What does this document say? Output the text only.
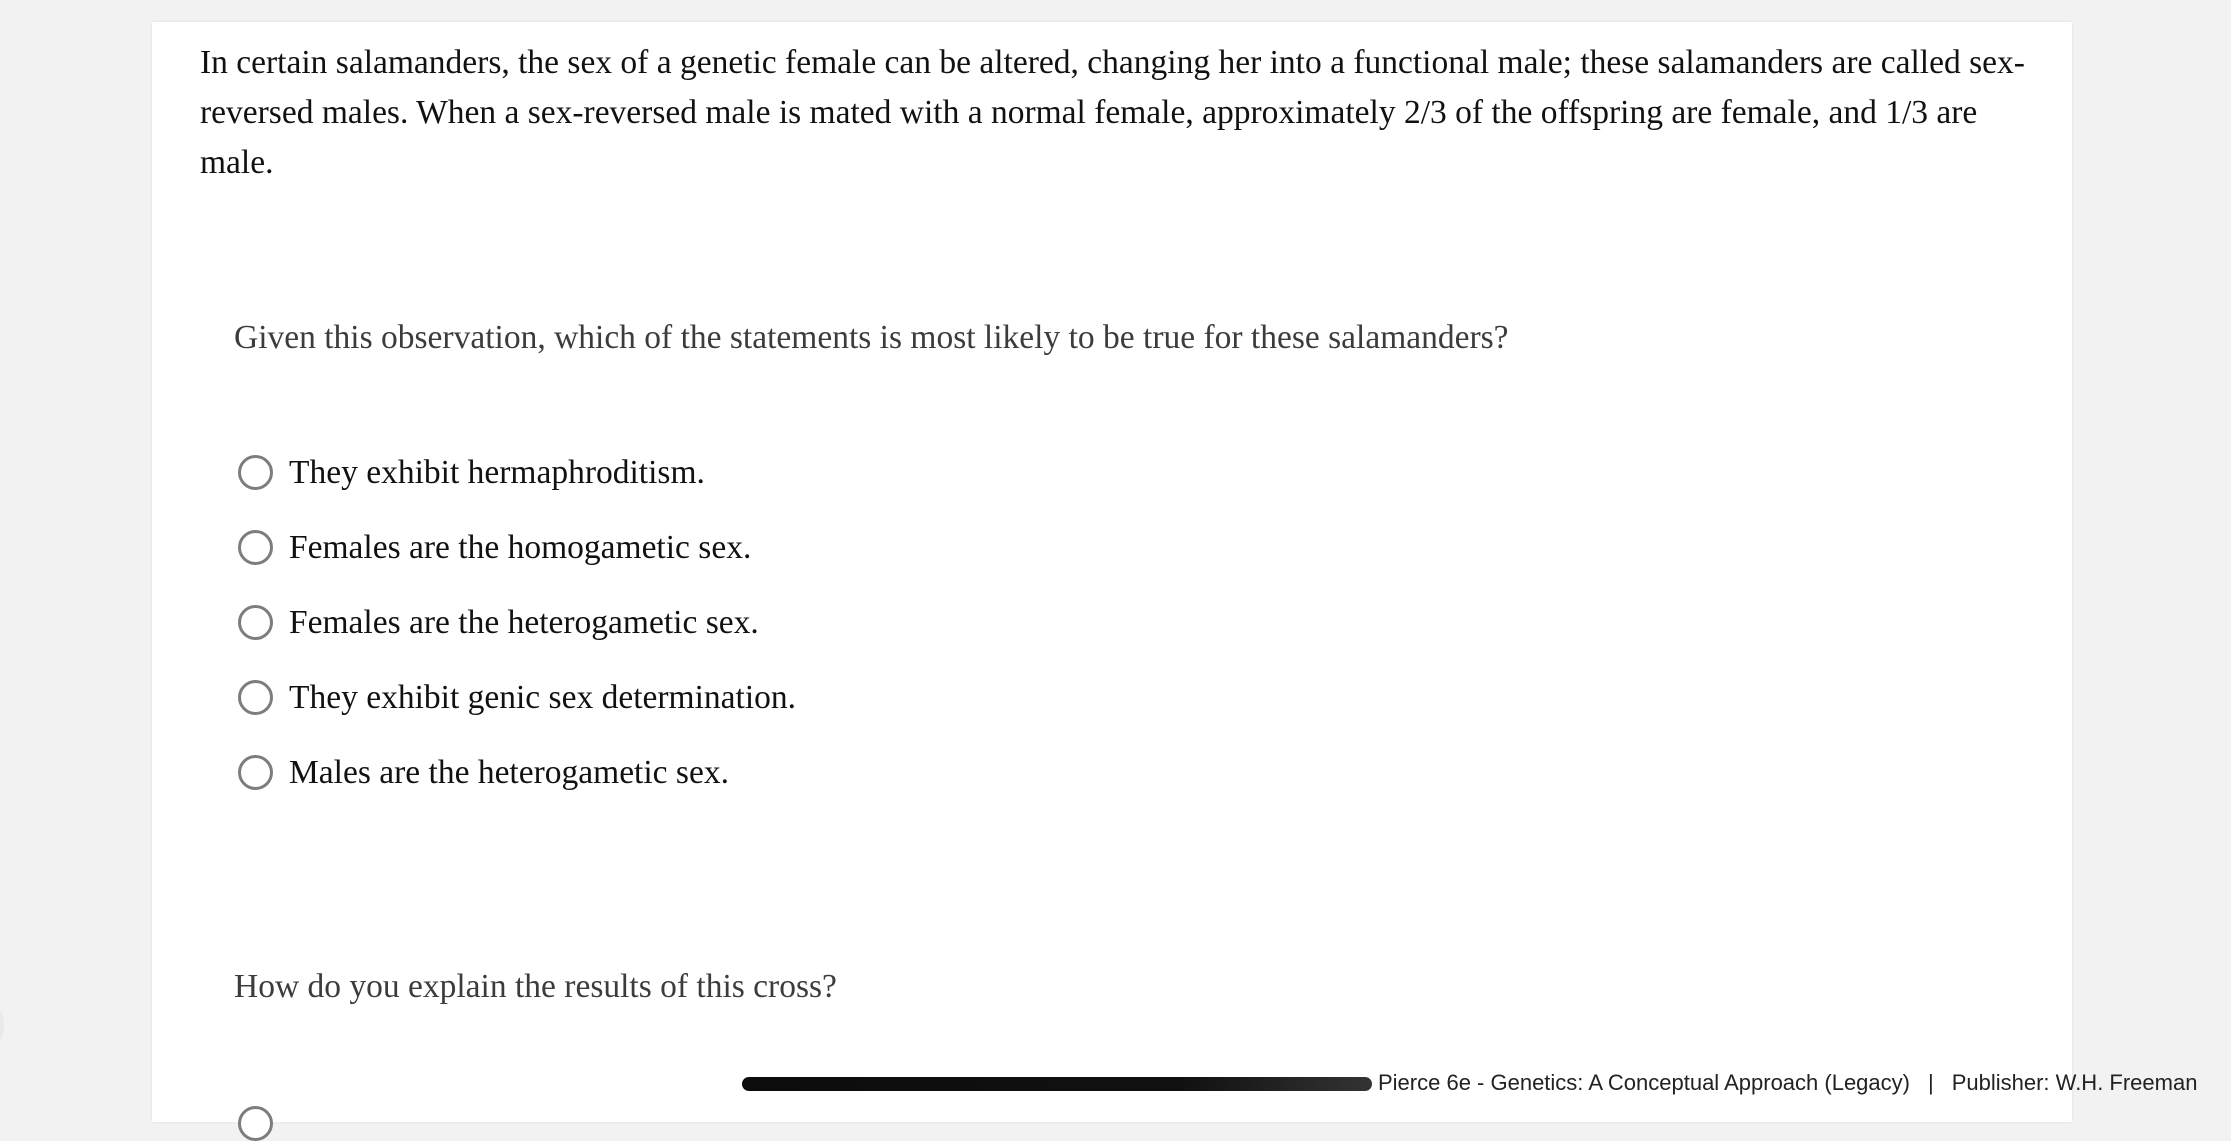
In certain salamanders, the sex of a genetic female can be altered, changing her into a functional male; these salamanders are called sex-reversed males. When a sex-reversed male is mated with a normal female, approximately 2/3 of the offspring are female, and 1/3 are male.

Given this observation, which of the statements is most likely to be true for these salamanders?

They exhibit hermaphroditism.
Females are the homogametic sex.
Females are the heterogametic sex.
They exhibit genic sex determination.
Males are the heterogametic sex.

How do you explain the results of this cross?

Pierce 6e - Genetics: A Conceptual Approach (Legacy) | Publisher: W.H. Freeman
